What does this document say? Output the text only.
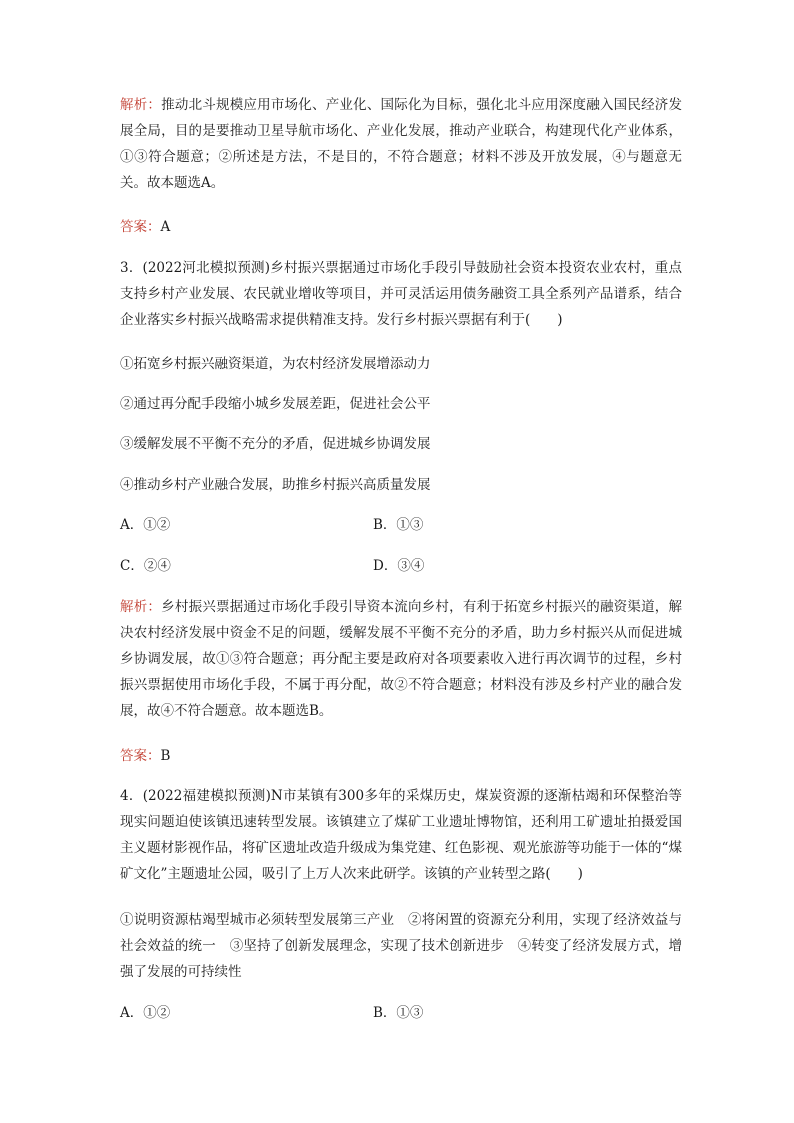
解析：推动北斗规模应用市场化、产业化、国际化为目标，强化北斗应用深度融入国民经济发展全局，目的是要推动卫星导航市场化、产业化发展，推动产业联合，构建现代化产业体系，①③符合题意；②所述是方法，不是目的，不符合题意；材料不涉及开放发展，④与题意无关。故本题选A。

答案：A

3．(2022河北模拟预测)乡村振兴票据通过市场化手段引导鼓励社会资本投资农业农村，重点支持乡村产业发展、农民就业增收等项目，并可灵活运用债务融资工具全系列产品谱系，结合企业落实乡村振兴战略需求提供精准支持。发行乡村振兴票据有利于(　　)

①拓宽乡村振兴融资渠道，为农村经济发展增添动力

②通过再分配手段缩小城乡发展差距，促进社会公平

③缓解发展不平衡不充分的矛盾，促进城乡协调发展

④推动乡村产业融合发展，助推乡村振兴高质量发展

A．①②	B．①③
C．②④	D．③④

解析：乡村振兴票据通过市场化手段引导资本流向乡村，有利于拓宽乡村振兴的融资渠道，解决农村经济发展中资金不足的问题，缓解发展不平衡不充分的矛盾，助力乡村振兴从而促进城乡协调发展，故①③符合题意；再分配主要是政府对各项要素收入进行再次调节的过程，乡村振兴票据使用市场化手段，不属于再分配，故②不符合题意；材料没有涉及乡村产业的融合发展，故④不符合题意。故本题选B。

答案：B

4．(2022福建模拟预测)N市某镇有300多年的采煤历史，煤炭资源的逐渐枯竭和环保整治等现实问题迫使该镇迅速转型发展。该镇建立了煤矿工业遗址博物馆，还利用工矿遗址拍摄爱国主义题材影视作品，将矿区遗址改造升级成为集党建、红色影视、观光旅游等功能于一体的“煤矿文化”主题遗址公园，吸引了上万人次来此研学。该镇的产业转型之路(　　)

①说明资源枯竭型城市必须转型发展第三产业　②将闲置的资源充分利用，实现了经济效益与社会效益的统一　③坚持了创新发展理念，实现了技术创新进步　④转变了经济发展方式，增强了发展的可持续性

A．①②	B．①③
